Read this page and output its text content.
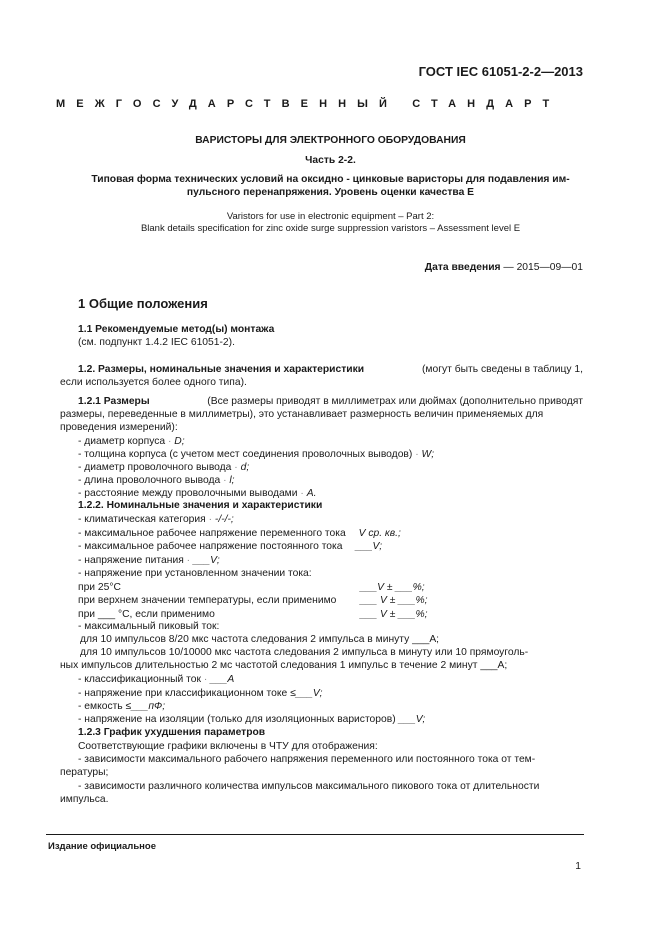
ГОСТ IEC 61051-2-2—2013
МЕЖГОСУДАРСТВЕННЫЙ СТАНДАРТ
ВАРИСТОРЫ ДЛЯ ЭЛЕКТРОННОГО ОБОРУДОВАНИЯ
Часть 2-2.
Типовая форма технических условий на оксидно - цинковые варисторы для подавления им-
пульсного перенапряжения. Уровень оценки качества Е
Varistors for use in electronic equipment – Part 2:
Blank details specification for zinc oxide surge suppression varistors – Assessment level E
Дата введения — 2015—09—01
1 Общие положения
1.1 Рекомендуемые метод(ы) монтажа
(см. подпункт 1.4.2 IEC 61051-2).
1.2. Размеры, номинальные значения и характеристики	(могут быть сведены в таблицу 1,
если используется более одного типа).
1.2.1 Размеры	(Все размеры приводят в миллиметрах или дюймах (дополнительно приводят
размеры, переведенные в миллиметры), это устанавливает размерность величин применяемых для
проведения измерений):
- диаметр корпуса · D;
- толщина корпуса (с учетом мест соединения проволочных выводов) · W;
- диаметр проволочного вывода · d;
- длина проволочного вывода · l;
- расстояние между проволочными выводами · A.
1.2.2. Номинальные значения и характеристики
- климатическая категория · -/-/-;
- максимальное рабочее напряжение переменного тока V ср. кв.;
- максимальное рабочее напряжение постоянного тока ___V;
- напряжение питания · ___V;
- напряжение при установленном значении тока:
при 25°С	___V ± ___%;
при верхнем значении температуры, если применимо ___ V ± ___%;
при ___ °С, если применимо	___ V ± ___%;
- максимальный пиковый ток:
для 10 импульсов 8/20 мкс частота следования 2 импульса в минуту ___А;
для 10 импульсов 10/10000 мкс частота следования 2 импульса в минуту или 10 прямоуголь-
ных импульсов длительностью 2 мс частотой следования 1 импульс в течение 2 минут ___А;
- классификационный ток · ___A
- напряжение при классификационном токе ≤___V;
- емкость ≤___пФ;
- напряжение на изоляции (только для изоляционных варисторов) ___V;
1.2.3 График ухудшения параметров
Соответствующие графики включены в ЧТУ для отображения:
- зависимости максимального рабочего напряжения переменного или постоянного тока от тем-
пературы;
- зависимости различного количества импульсов максимального пикового тока от длительности
импульса.
Издание официальное
1
